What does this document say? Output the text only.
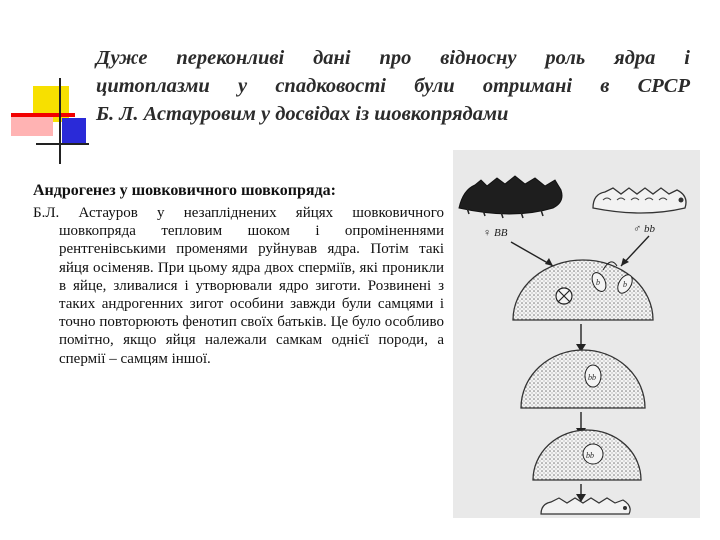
Дуже переконливі дані про відносну роль ядра і
цитоплазми у спадковості були отримані в СРСР
Б. Л. Астауровим у досвідах із шовкопрядами
Андрогенез у шовковичного шовкопряда:
Б.Л. Астауров у незапліднених яйцях шовковичного шовкопряда тепловим шоком і опроміненнями рентгенівськими променями руйнував ядра. Потім такі яйця осіменяв. При цьому ядра двох сперміїв, які проникли в яйце, зливалися і утворювали ядро зиготи. Розвинені з таких андрогенних зигот особини завжди були самцями і точно повторюють фенотип своїх батьків. Це було особливо помітно, якщо яйця належали самкам однієї породи, а спермії – самцям іншої.
♀ BB	♂ bb
b	b
bb
bb
